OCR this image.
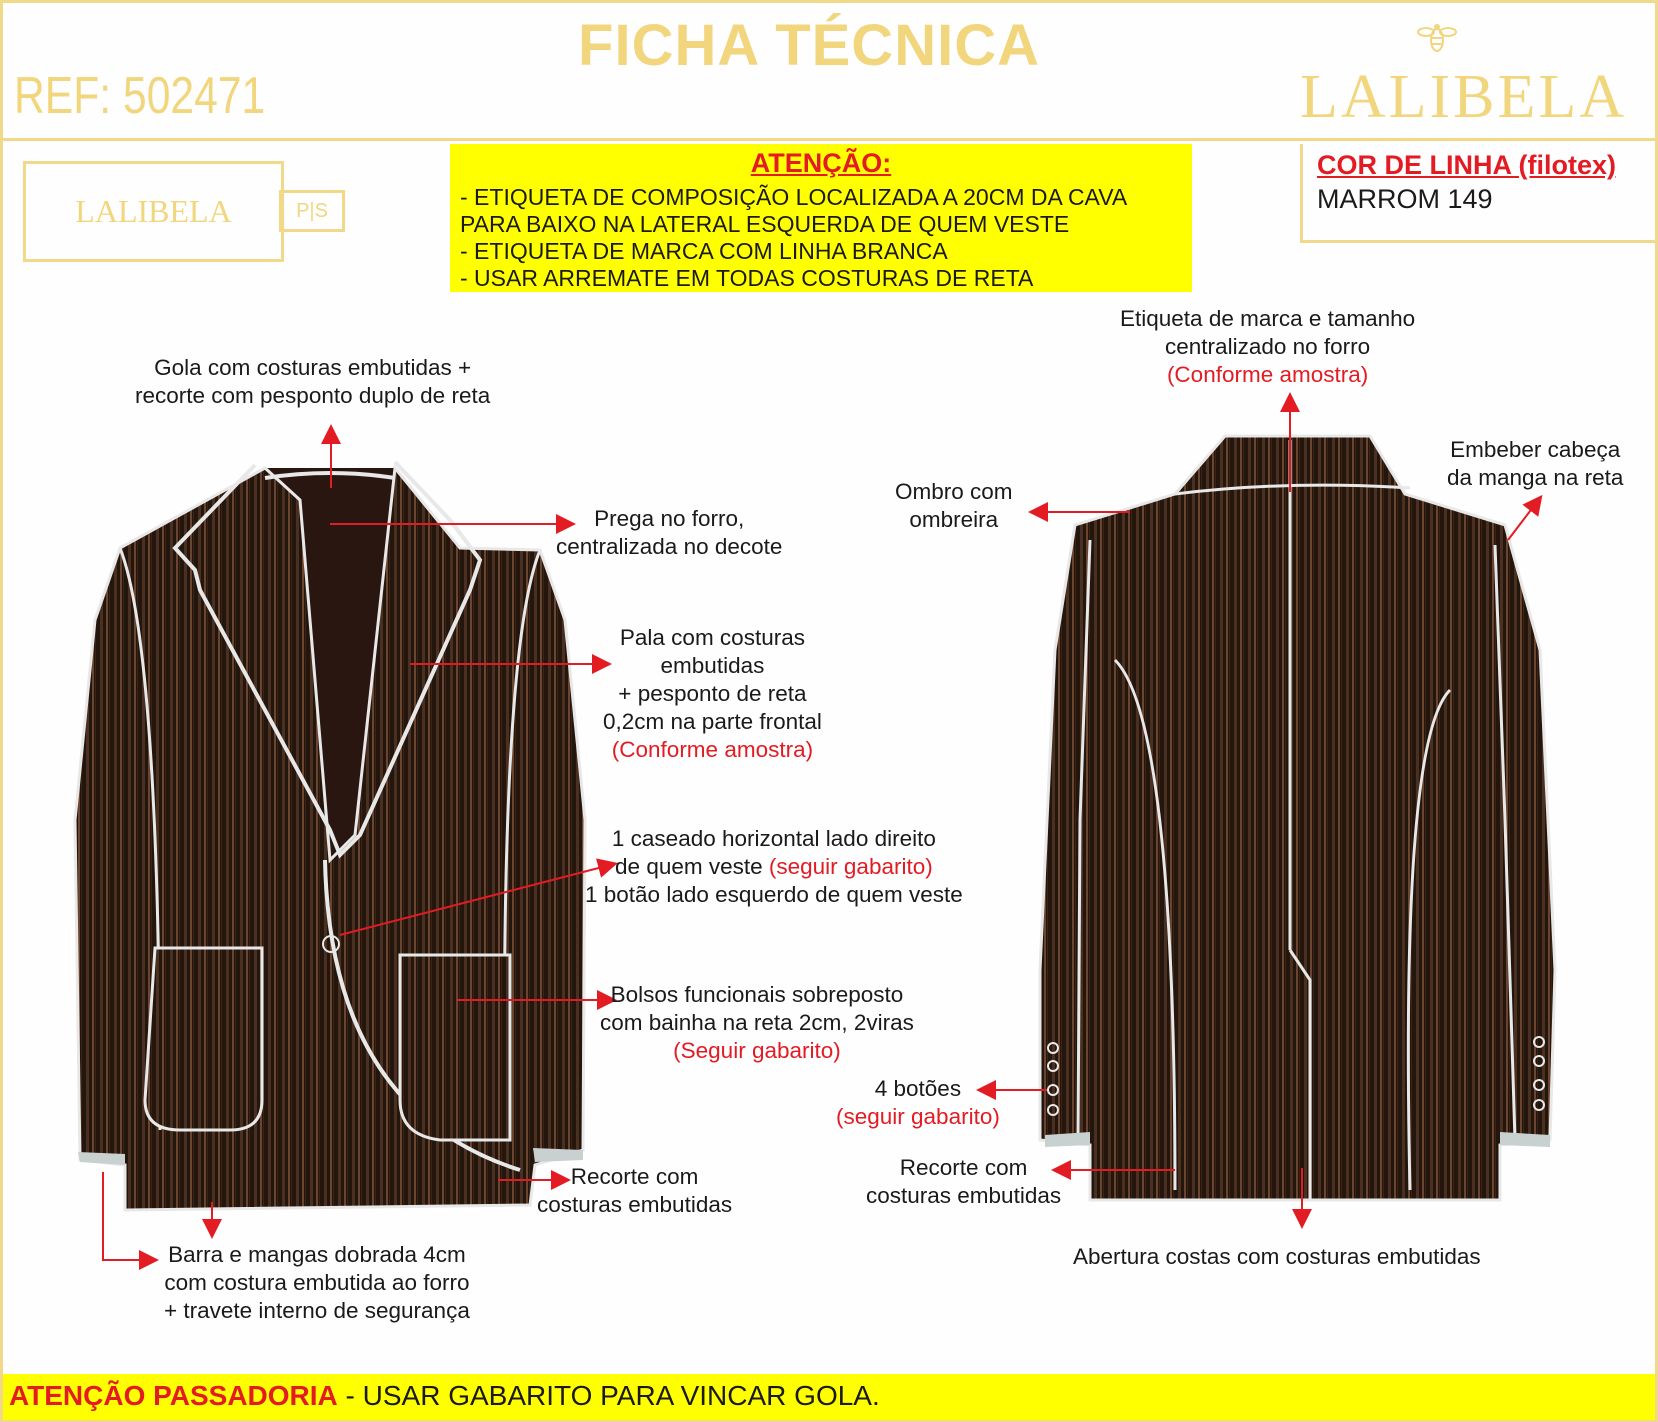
FICHA TÉCNICA
REF: 502471	LALIBELA
LALIBELA	P|S
ATENÇÃO:
- ETIQUETA DE COMPOSIÇÃO LOCALIZADA A 20CM DA CAVA
PARA BAIXO NA LATERAL ESQUERDA DE QUEM VESTE
- ETIQUETA DE MARCA COM LINHA BRANCA
- USAR ARREMATE EM TODAS COSTURAS DE RETA
COR DE LINHA (filotex)
MARROM 149
Gola com costuras embutidas +
recorte com pesponto duplo de reta
Prega no forro,
centralizada no decote
Pala com costuras
embutidas
+ pesponto de reta
0,2cm na parte frontal
(Conforme amostra)
1 caseado horizontal lado direito
de quem veste (seguir gabarito)
1 botão lado esquerdo de quem veste
Bolsos funcionais sobreposto
com bainha na reta 2cm, 2viras
(Seguir gabarito)
Recorte com
costuras embutidas
Barra e mangas dobrada 4cm
com costura embutida ao forro
+ travete interno de segurança
Etiqueta de marca e tamanho
centralizado no forro
(Conforme amostra)
Embeber cabeça
da manga na reta
Ombro com
ombreira
4 botões
(seguir gabarito)
Recorte com
costuras embutidas
Abertura costas com costuras embutidas
ATENÇÃO PASSADORIA - USAR GABARITO PARA VINCAR GOLA.
